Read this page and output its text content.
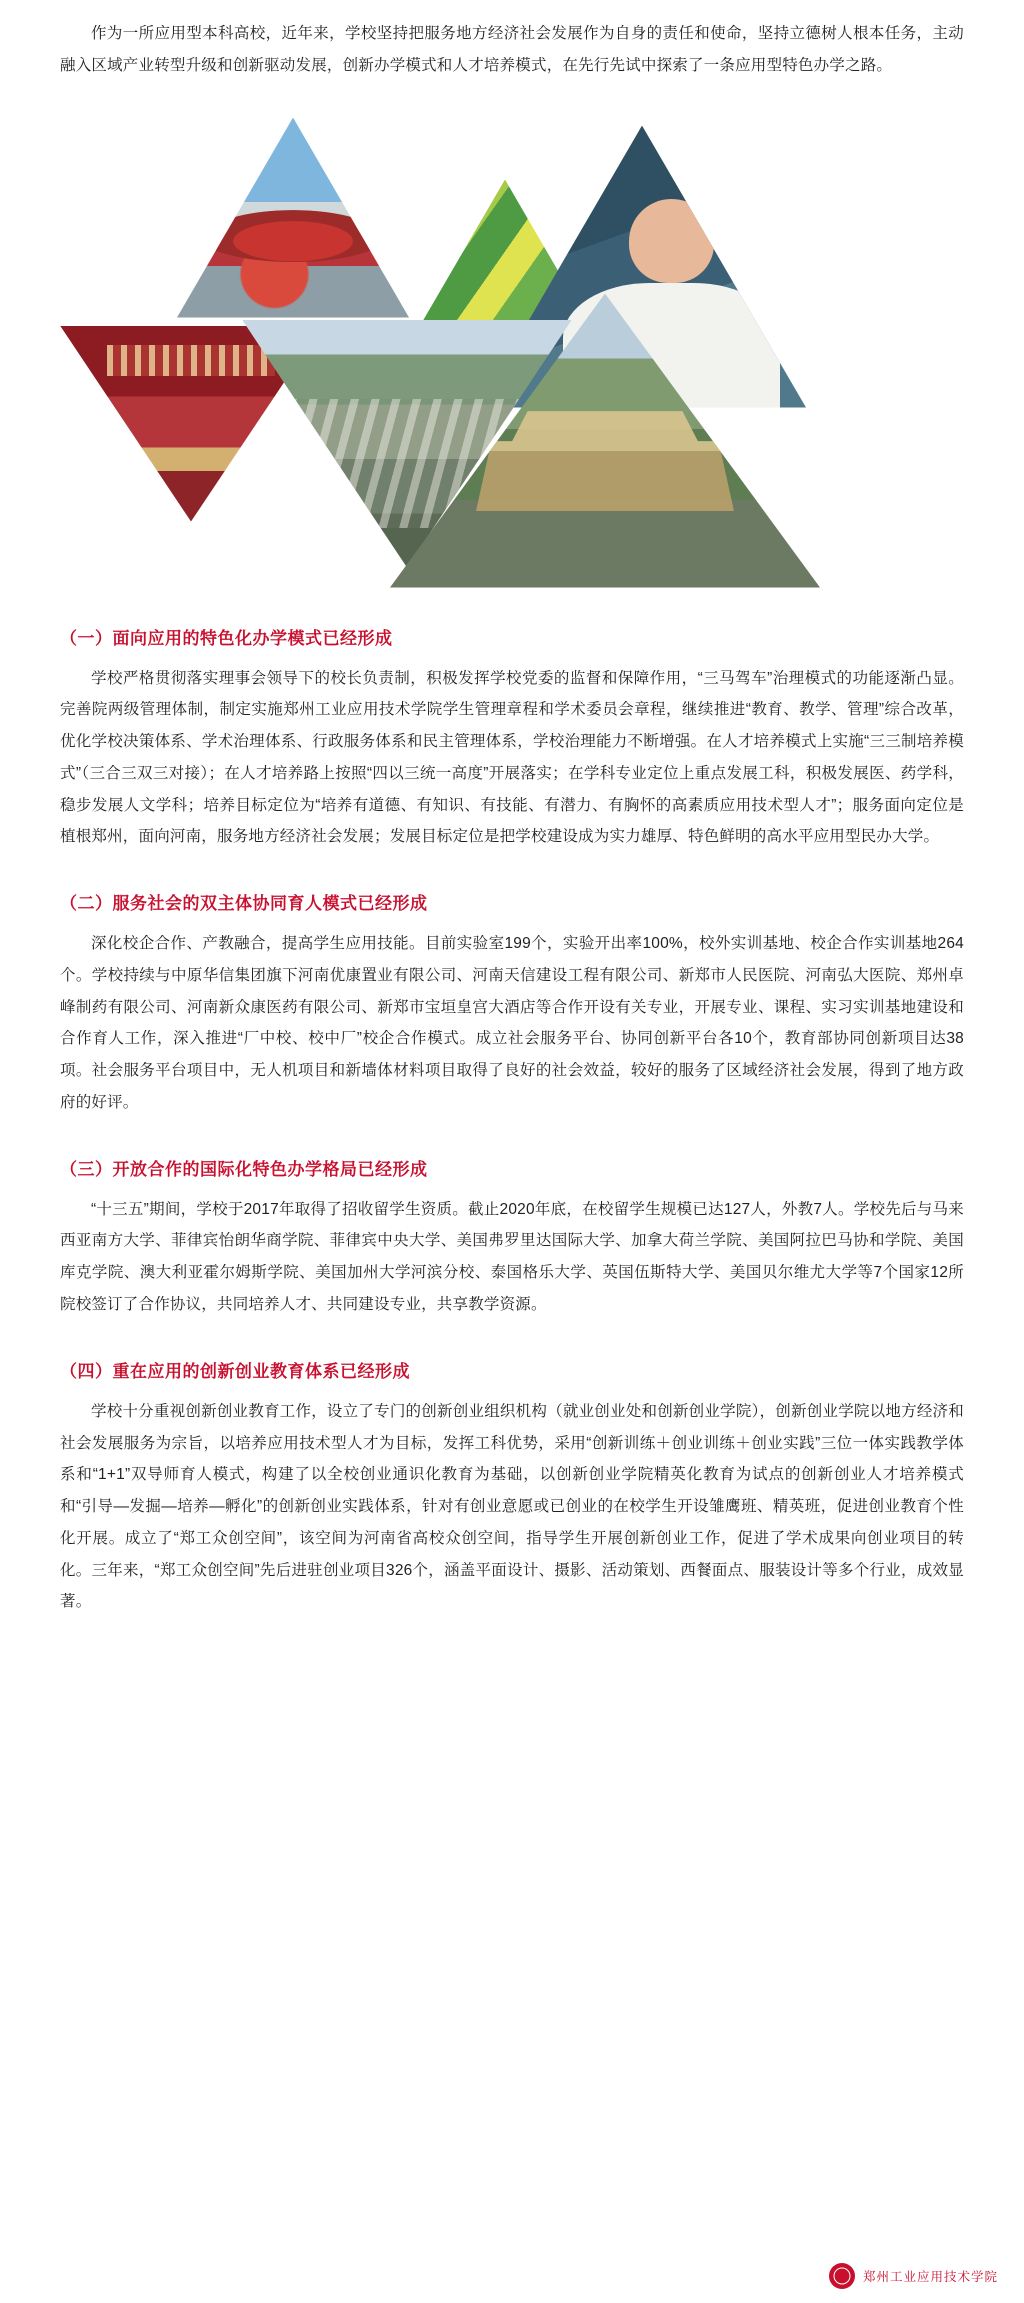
作为一所应用型本科高校，近年来，学校坚持把服务地方经济社会发展作为自身的责任和使命，坚持立德树人根本任务，主动融入区域产业转型升级和创新驱动发展，创新办学模式和人才培养模式，在先行先试中探索了一条应用型特色办学之路。

（一）面向应用的特色化办学模式已经形成

学校严格贯彻落实理事会领导下的校长负责制，积极发挥学校党委的监督和保障作用，“三马驾车”治理模式的功能逐渐凸显。完善院两级管理体制，制定实施郑州工业应用技术学院学生管理章程和学术委员会章程，继续推进“教育、教学、管理”综合改革，优化学校决策体系、学术治理体系、行政服务体系和民主管理体系，学校治理能力不断增强。在人才培养模式上实施“三三制培养模式”（三合三双三对接）；在人才培养路上按照“四以三统一高度”开展落实；在学科专业定位上重点发展工科，积极发展医、药学科，稳步发展人文学科；培养目标定位为“培养有道德、有知识、有技能、有潜力、有胸怀的高素质应用技术型人才”；服务面向定位是植根郑州，面向河南，服务地方经济社会发展；发展目标定位是把学校建设成为实力雄厚、特色鲜明的高水平应用型民办大学。

（二）服务社会的双主体协同育人模式已经形成

深化校企合作、产教融合，提高学生应用技能。目前实验室199个，实验开出率100%，校外实训基地、校企合作实训基地264个。学校持续与中原华信集团旗下河南优康置业有限公司、河南天信建设工程有限公司、新郑市人民医院、河南弘大医院、郑州卓峰制药有限公司、河南新众康医药有限公司、新郑市宝垣皇宫大酒店等合作开设有关专业，开展专业、课程、实习实训基地建设和合作育人工作，深入推进“厂中校、校中厂”校企合作模式。成立社会服务平台、协同创新平台各10个，教育部协同创新项目达38项。社会服务平台项目中，无人机项目和新墙体材料项目取得了良好的社会效益，较好的服务了区域经济社会发展，得到了地方政府的好评。

（三）开放合作的国际化特色办学格局已经形成

“十三五”期间，学校于2017年取得了招收留学生资质。截止2020年底，在校留学生规模已达127人，外教7人。学校先后与马来西亚南方大学、菲律宾怡朗华商学院、菲律宾中央大学、美国弗罗里达国际大学、加拿大荷兰学院、美国阿拉巴马协和学院、美国库克学院、澳大利亚霍尔姆斯学院、美国加州大学河滨分校、泰国格乐大学、英国伍斯特大学、美国贝尔维尤大学等7个国家12所院校签订了合作协议，共同培养人才、共同建设专业，共享教学资源。

（四）重在应用的创新创业教育体系已经形成

学校十分重视创新创业教育工作，设立了专门的创新创业组织机构（就业创业处和创新创业学院），创新创业学院以地方经济和社会发展服务为宗旨，以培养应用技术型人才为目标，发挥工科优势，采用“创新训练＋创业训练＋创业实践”三位一体实践教学体系和“1+1”双导师育人模式，构建了以全校创业通识化教育为基础，以创新创业学院精英化教育为试点的创新创业人才培养模式和“引导—发掘—培养—孵化”的创新创业实践体系，针对有创业意愿或已创业的在校学生开设雏鹰班、精英班，促进创业教育个性化开展。成立了“郑工众创空间”，该空间为河南省高校众创空间，指导学生开展创新创业工作，促进了学术成果向创业项目的转化。三年来，“郑工众创空间”先后进驻创业项目326个，涵盖平面设计、摄影、活动策划、西餐面点、服装设计等多个行业，成效显著。

郑州工业应用技术学院
